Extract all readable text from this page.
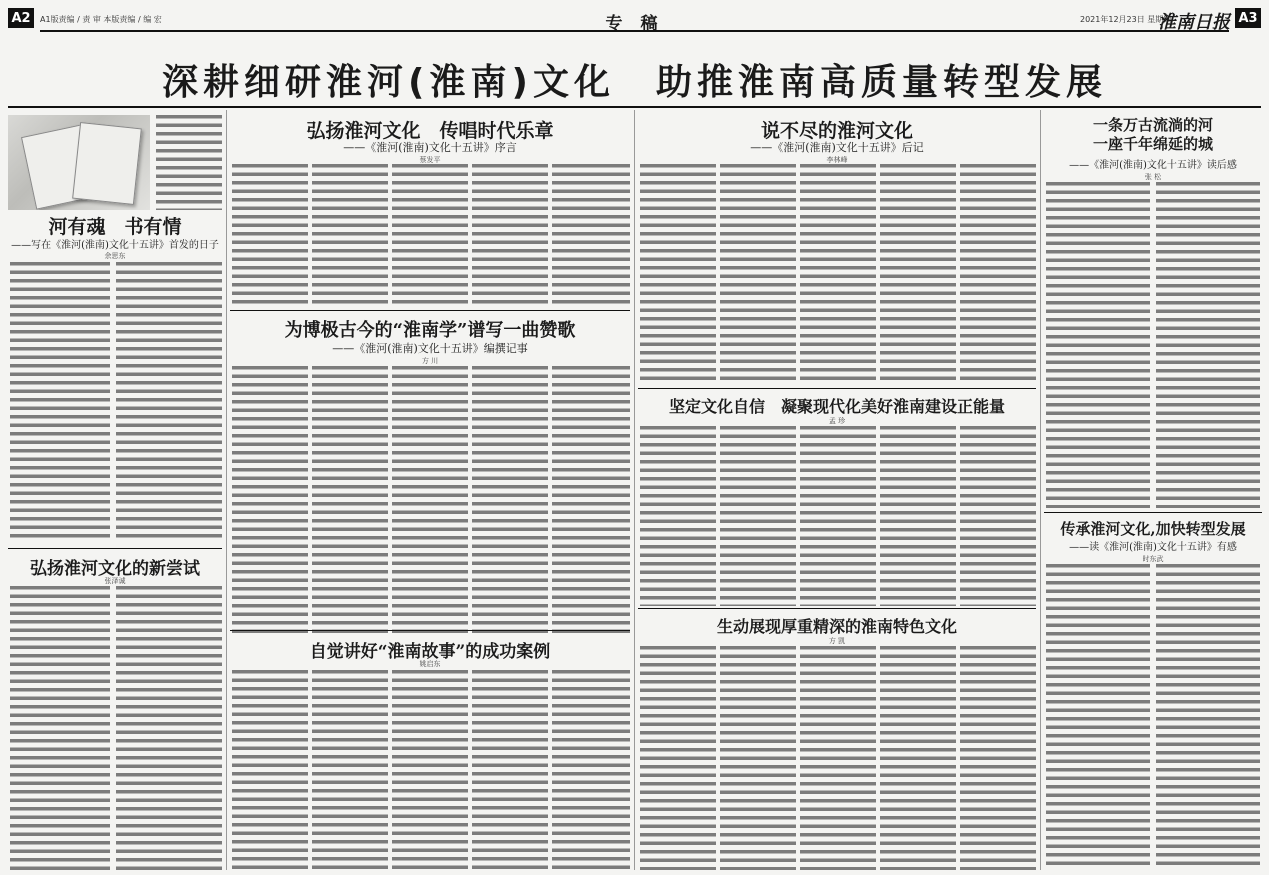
A2	A1版责编 / 责 审 本版责编 / 编 宏	专 稿	2021年12月23日 星期四
淮南日报 A3
深耕细研淮河(淮南)文化　助推淮南高质量转型发展
河有魂　书有情
——写在《淮河(淮南)文化十五讲》首发的日子
余思东
弘扬淮河文化的新尝试
张泽诚
弘扬淮河文化　传唱时代乐章
——《淮河(淮南)文化十五讲》序言
蔡发平
为博极古今的“淮南学”谱写一曲赞歌
——《淮河(淮南)文化十五讲》编撰记事
方 川
自觉讲好“淮南故事”的成功案例
姚启东
说不尽的淮河文化
——《淮河(淮南)文化十五讲》后记
李林峰
坚定文化自信　凝聚现代化美好淮南建设正能量
孟 珍
生动展现厚重精深的淮南特色文化
方 凯
一条万古流淌的河
一座千年绵延的城
——《淮河(淮南)文化十五讲》读后感
张 松
传承淮河文化,加快转型发展
——读《淮河(淮南)文化十五讲》有感
时东武
